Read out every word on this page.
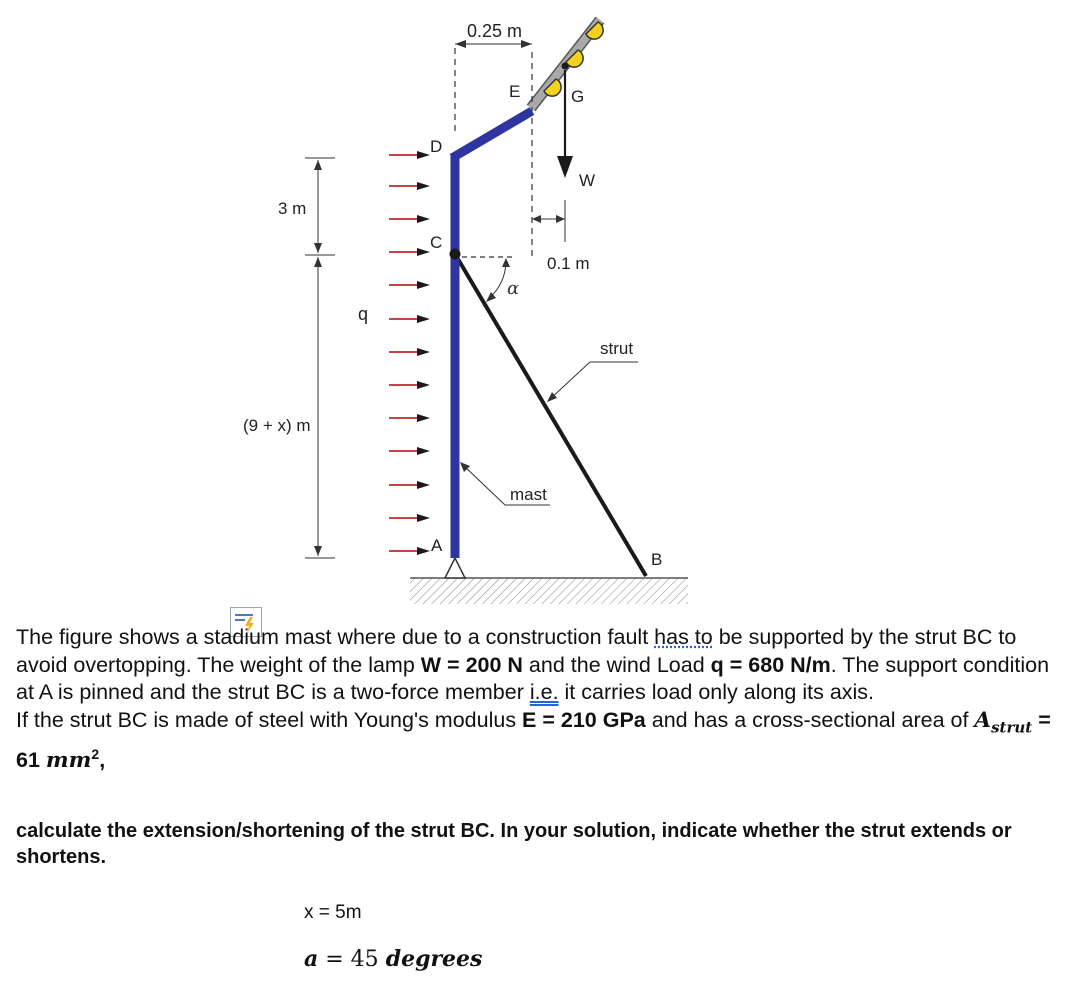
0.25 m
E	G
D
W
3 m
C
0.1 m
α
q
strut
(9 + x) m
mast
A
B

The figure shows a stadium mast where due to a construction fault has to be supported by the strut BC to avoid overtopping. The weight of the lamp W = 200 N and the wind Load q = 680 N/m. The support condition at A is pinned and the strut BC is a two-force member i.e. it carries load only along its axis.

If the strut BC is made of steel with Young's modulus E = 210 GPa and has a cross-sectional area of $A_{strut} = 61$ $mm^2$,

calculate the extension/shortening of the strut BC. In your solution, indicate whether the strut extends or shortens.
x = 5m
a = 45 degrees
